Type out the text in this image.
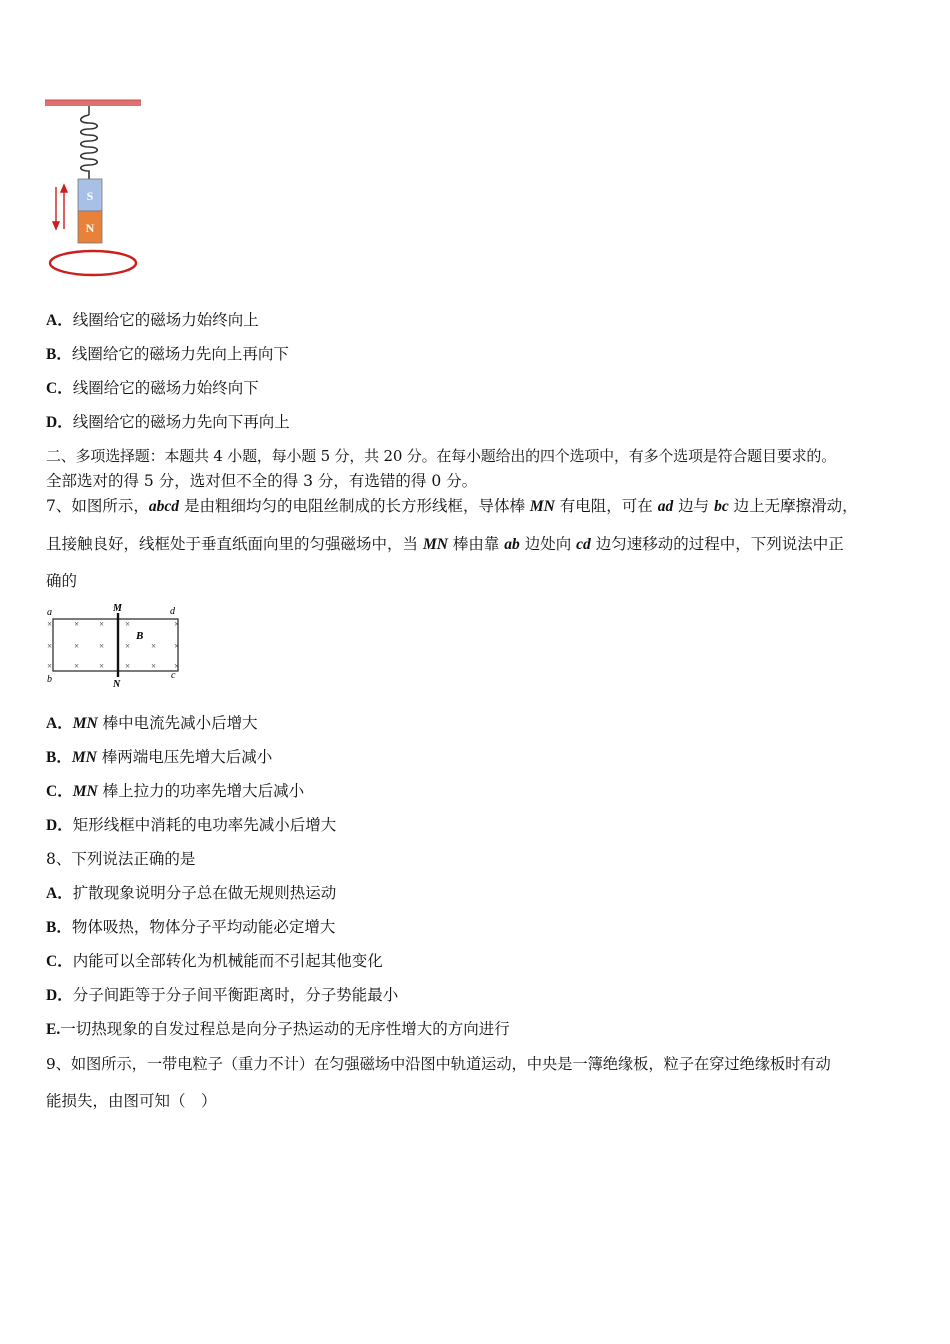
S
N
A．线圈给它的磁场力始终向上
B．线圈给它的磁场力先向上再向下
C．线圈给它的磁场力始终向下
D．线圈给它的磁场力先向下再向上
二、多项选择题：本题共 4 小题，每小题 5 分，共 20 分。在每小题给出的四个选项中，有多个选项是符合题目要求的。
全部选对的得 5 分，选对但不全的得 3 分，有选错的得 0 分。
7、如图所示，abcd 是由粗细均匀的电阻丝制成的长方形线框，导体棒 MN 有电阻，可在 ad 边与 bc 边上无摩擦滑动，
且接触良好，线框处于垂直纸面向里的匀强磁场中，当 MN 棒由靠 ab 边处向 cd 边匀速移动的过程中，下列说法中正
确的
a
b	c
d
M
N
B
× × × ×	×
× × × × × ×
× × × × × ×
A．MN 棒中电流先减小后增大
B．MN 棒两端电压先增大后减小
C．MN 棒上拉力的功率先增大后减小
D．矩形线框中消耗的电功率先减小后增大
8、下列说法正确的是
A．扩散现象说明分子总在做无规则热运动
B．物体吸热，物体分子平均动能必定增大
C．内能可以全部转化为机械能而不引起其他变化
D．分子间距等于分子间平衡距离时，分子势能最小
E.一切热现象的自发过程总是向分子热运动的无序性增大的方向进行
9、如图所示，一带电粒子（重力不计）在匀强磁场中沿图中轨道运动，中央是一簿绝缘板，粒子在穿过绝缘板时有动
能损失，由图可知（　）
